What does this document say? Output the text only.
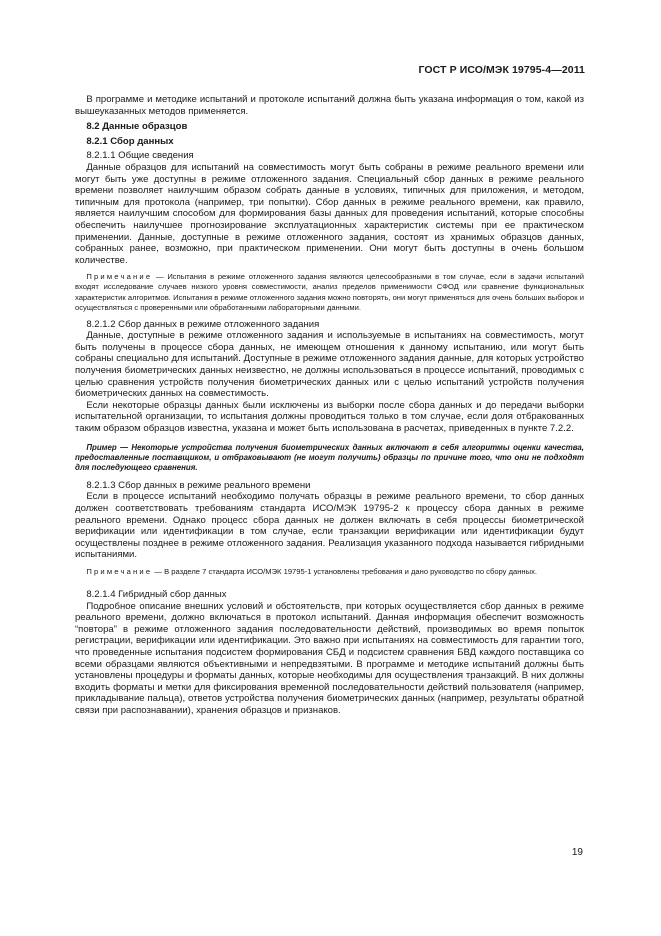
ГОСТ Р ИСО/МЭК 19795-4—2011

В программе и методике испытаний и протоколе испытаний должна быть указана информация о том, какой из вышеуказанных методов применяется.

8.2 Данные образцов

8.2.1 Сбор данных

8.2.1.1 Общие сведения

Данные образцов для испытаний на совместимость могут быть собраны в режиме реального времени или могут быть уже доступны в режиме отложенного задания. Специальный сбор данных в режиме реального времени позволяет наилучшим образом собрать данные в условиях, типичных для приложения, и методом, типичным для протокола (например, три попытки). Сбор данных в режиме реального времени, как правило, является наилучшим способом для формирования базы данных для проведения испытаний, которые способны обеспечить наилучшее прогнозирование эксплуатационных характеристик системы при ее практическом применении. Данные, доступные в режиме отложенного задания, состоят из хранимых образцов данных, собранных ранее, возможно, при практическом применении. Они могут быть доступны в очень большом количестве.

Примечание — Испытания в режиме отложенного задания являются целесообразными в том случае, если в задачи испытаний входят исследование случаев низкого уровня совместимости, анализ пределов применимости СФОД или сравнение функциональных характеристик алгоритмов. Испытания в режиме отложенного задания можно повторять, они могут применяться для очень больших выборок и осуществляться с проверенными или обработанными лабораторными данными.

8.2.1.2 Сбор данных в режиме отложенного задания

Данные, доступные в режиме отложенного задания и используемые в испытаниях на совместимость, могут быть получены в процессе сбора данных, не имеющем отношения к данному испытанию, или могут быть собраны специально для испытаний. Доступные в режиме отложенного задания данные, для которых устройство получения биометрических данных неизвестно, не должны использоваться в процессе испытаний, проводимых с целью сравнения устройств получения биометрических данных или с целью испытаний устройств получения биометрических данных на совместимость.

Если некоторые образцы данных были исключены из выборки после сбора данных и до передачи выборки испытательной организации, то испытания должны проводиться только в том случае, если доля отбракованных таким образом образцов известна, указана и может быть использована в расчетах, приведенных в пункте 7.2.2.

Пример — Некоторые устройства получения биометрических данных включают в себя алгоритмы оценки качества, предоставленные поставщиком, и отбраковывают (не могут получить) образцы по причине того, что они не подходят для последующего сравнения.

8.2.1.3 Сбор данных в режиме реального времени

Если в процессе испытаний необходимо получать образцы в режиме реального времени, то сбор данных должен соответствовать требованиям стандарта ИСО/МЭК 19795-2 к процессу сбора данных в режиме реального времени. Однако процесс сбора данных не должен включать в себя процессы биометрической верификации или идентификации в том случае, если транзакции верификации или идентификации будут осуществлены позднее в режиме отложенного задания. Реализация указанного подхода называется гибридными испытаниями.

Примечание — В разделе 7 стандарта ИСО/МЭК 19795-1 установлены требования и дано руководство по сбору данных.

8.2.1.4 Гибридный сбор данных

Подробное описание внешних условий и обстоятельств, при которых осуществляется сбор данных в режиме реального времени, должно включаться в протокол испытаний. Данная информация обеспечит возможность “повтора” в режиме отложенного задания последовательности действий, производимых во время попыток регистрации, верификации или идентификации. Это важно при испытаниях на совместимость для гарантии того, что проведенные испытания подсистем формирования СБД и подсистем сравнения БВД каждого поставщика со всеми образцами являются объективными и непредвзятыми. В программе и методике испытаний должны быть установлены процедуры и форматы данных, которые необходимы для осуществления транзакций. В них должны входить форматы и метки для фиксирования временной последовательности действий пользователя (например, прикладывание пальца), ответов устройства получения биометрических данных (например, результаты обратной связи при распознавании), хранения образцов и признаков.

19
